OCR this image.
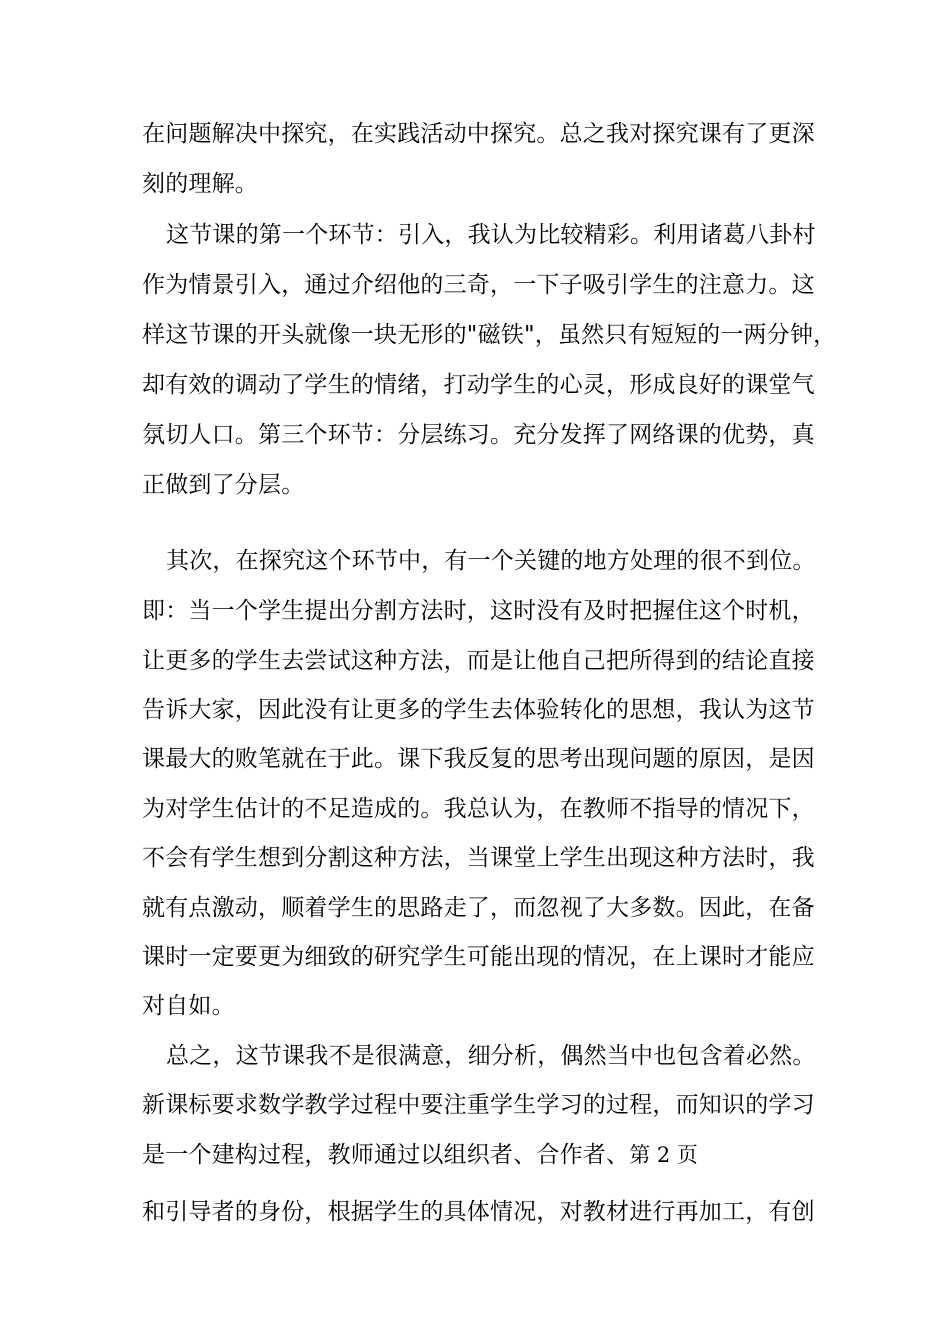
在问题解决中探究，在实践活动中探究。总之我对探究课有了更深
刻的理解。
这节课的第一个环节：引入，我认为比较精彩。利用诸葛八卦村
作为情景引入，通过介绍他的三奇，一下子吸引学生的注意力。这
样这节课的开头就像一块无形的"磁铁"，虽然只有短短的一两分钟，
却有效的调动了学生的情绪，打动学生的心灵，形成良好的课堂气
氛切人口。第三个环节：分层练习。充分发挥了网络课的优势，真
正做到了分层。
其次，在探究这个环节中，有一个关键的地方处理的很不到位。
即：当一个学生提出分割方法时，这时没有及时把握住这个时机，
让更多的学生去尝试这种方法，而是让他自己把所得到的结论直接
告诉大家，因此没有让更多的学生去体验转化的思想，我认为这节
课最大的败笔就在于此。课下我反复的思考出现问题的原因，是因
为对学生估计的不足造成的。我总认为，在教师不指导的情况下，
不会有学生想到分割这种方法，当课堂上学生出现这种方法时，我
就有点激动，顺着学生的思路走了，而忽视了大多数。因此，在备
课时一定要更为细致的研究学生可能出现的情况，在上课时才能应
对自如。
总之，这节课我不是很满意，细分析，偶然当中也包含着必然。
新课标要求数学教学过程中要注重学生学习的过程，而知识的学习
是一个建构过程，教师通过以组织者、合作者、第 2 页
和引导者的身份，根据学生的具体情况，对教材进行再加工，有创
